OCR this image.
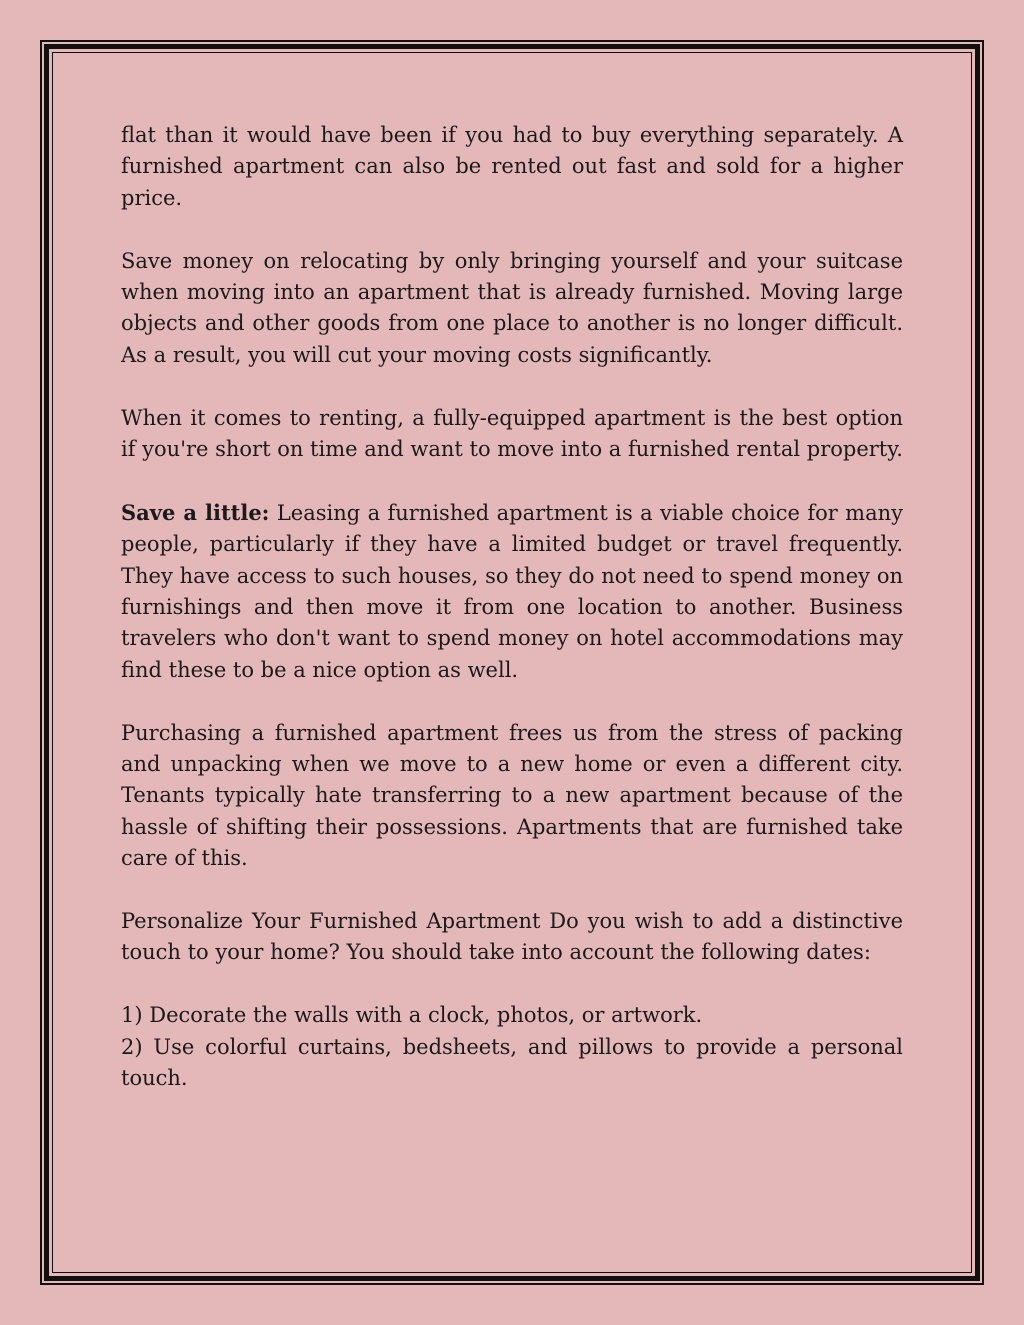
flat than it would have been if you had to buy everything separately. A furnished apartment can also be rented out fast and sold for a higher price.

Save money on relocating by only bringing yourself and your suitcase when moving into an apartment that is already furnished. Moving large objects and other goods from one place to another is no longer difficult. As a result, you will cut your moving costs significantly.

When it comes to renting, a fully-equipped apartment is the best option if you're short on time and want to move into a furnished rental property.

Save a little: Leasing a furnished apartment is a viable choice for many people, particularly if they have a limited budget or travel frequently. They have access to such houses, so they do not need to spend money on furnishings and then move it from one location to another. Business travelers who don't want to spend money on hotel accommodations may find these to be a nice option as well.

Purchasing a furnished apartment frees us from the stress of packing and unpacking when we move to a new home or even a different city. Tenants typically hate transferring to a new apartment because of the hassle of shifting their possessions. Apartments that are furnished take care of this.

Personalize Your Furnished Apartment Do you wish to add a distinctive touch to your home? You should take into account the following dates:

1) Decorate the walls with a clock, photos, or artwork.

2) Use colorful curtains, bedsheets, and pillows to provide a personal touch.
